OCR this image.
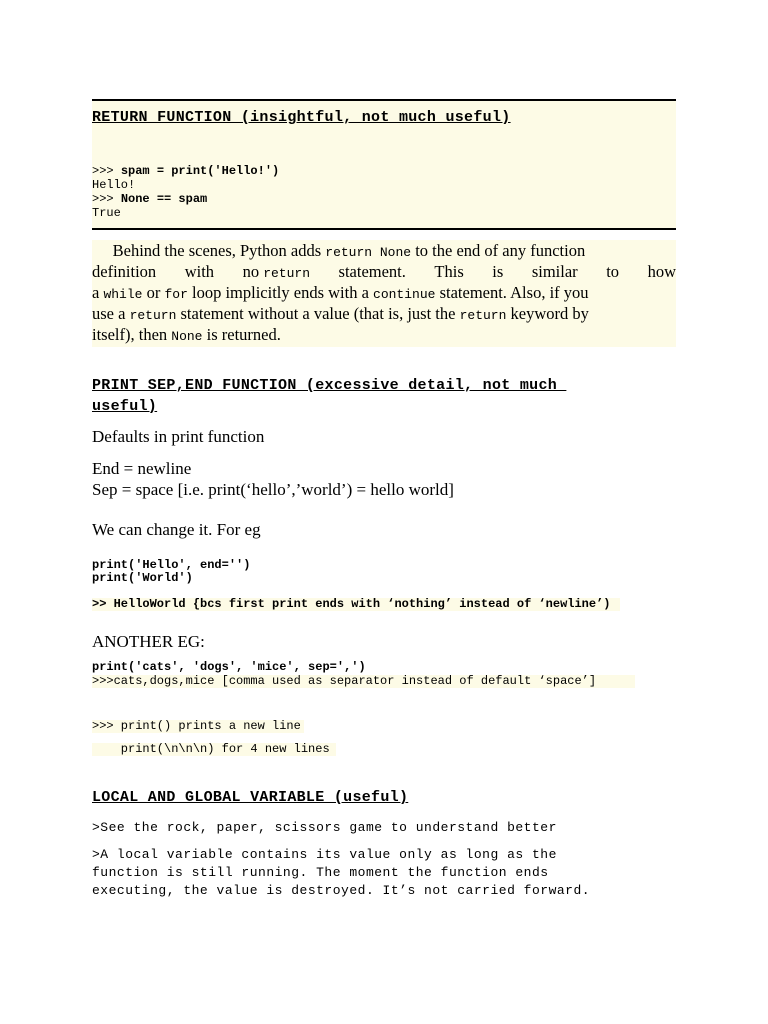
RETURN FUNCTION (insightful, not much useful)
>>> spam = print('Hello!')
Hello!
>>> None == spam
True
Behind the scenes, Python adds return None to the end of any function
definition with no return statement. This is similar to how
a while or for loop implicitly ends with a continue statement. Also, if you
use a return statement without a value (that is, just the return keyword by
itself), then None is returned.
PRINT SEP,END FUNCTION (excessive detail, not much
useful)
Defaults in print function
End = newline
Sep = space [i.e. print(‘hello’,’world’) = hello world]
We can change it. For eg
print('Hello', end='')
print('World')
>> HelloWorld {bcs first print ends with ‘nothing’ instead of ‘newline’)
ANOTHER EG:
print('cats', 'dogs', 'mice', sep=',')
>>>cats,dogs,mice [comma used as separator instead of default ‘space’]
>>> print() prints a new line
print(\n\n\n) for 4 new lines
LOCAL AND GLOBAL VARIABLE (useful)
>See the rock, paper, scissors game to understand better
>A local variable contains its value only as long as the
function is still running. The moment the function ends
executing, the value is destroyed. It’s not carried forward.
